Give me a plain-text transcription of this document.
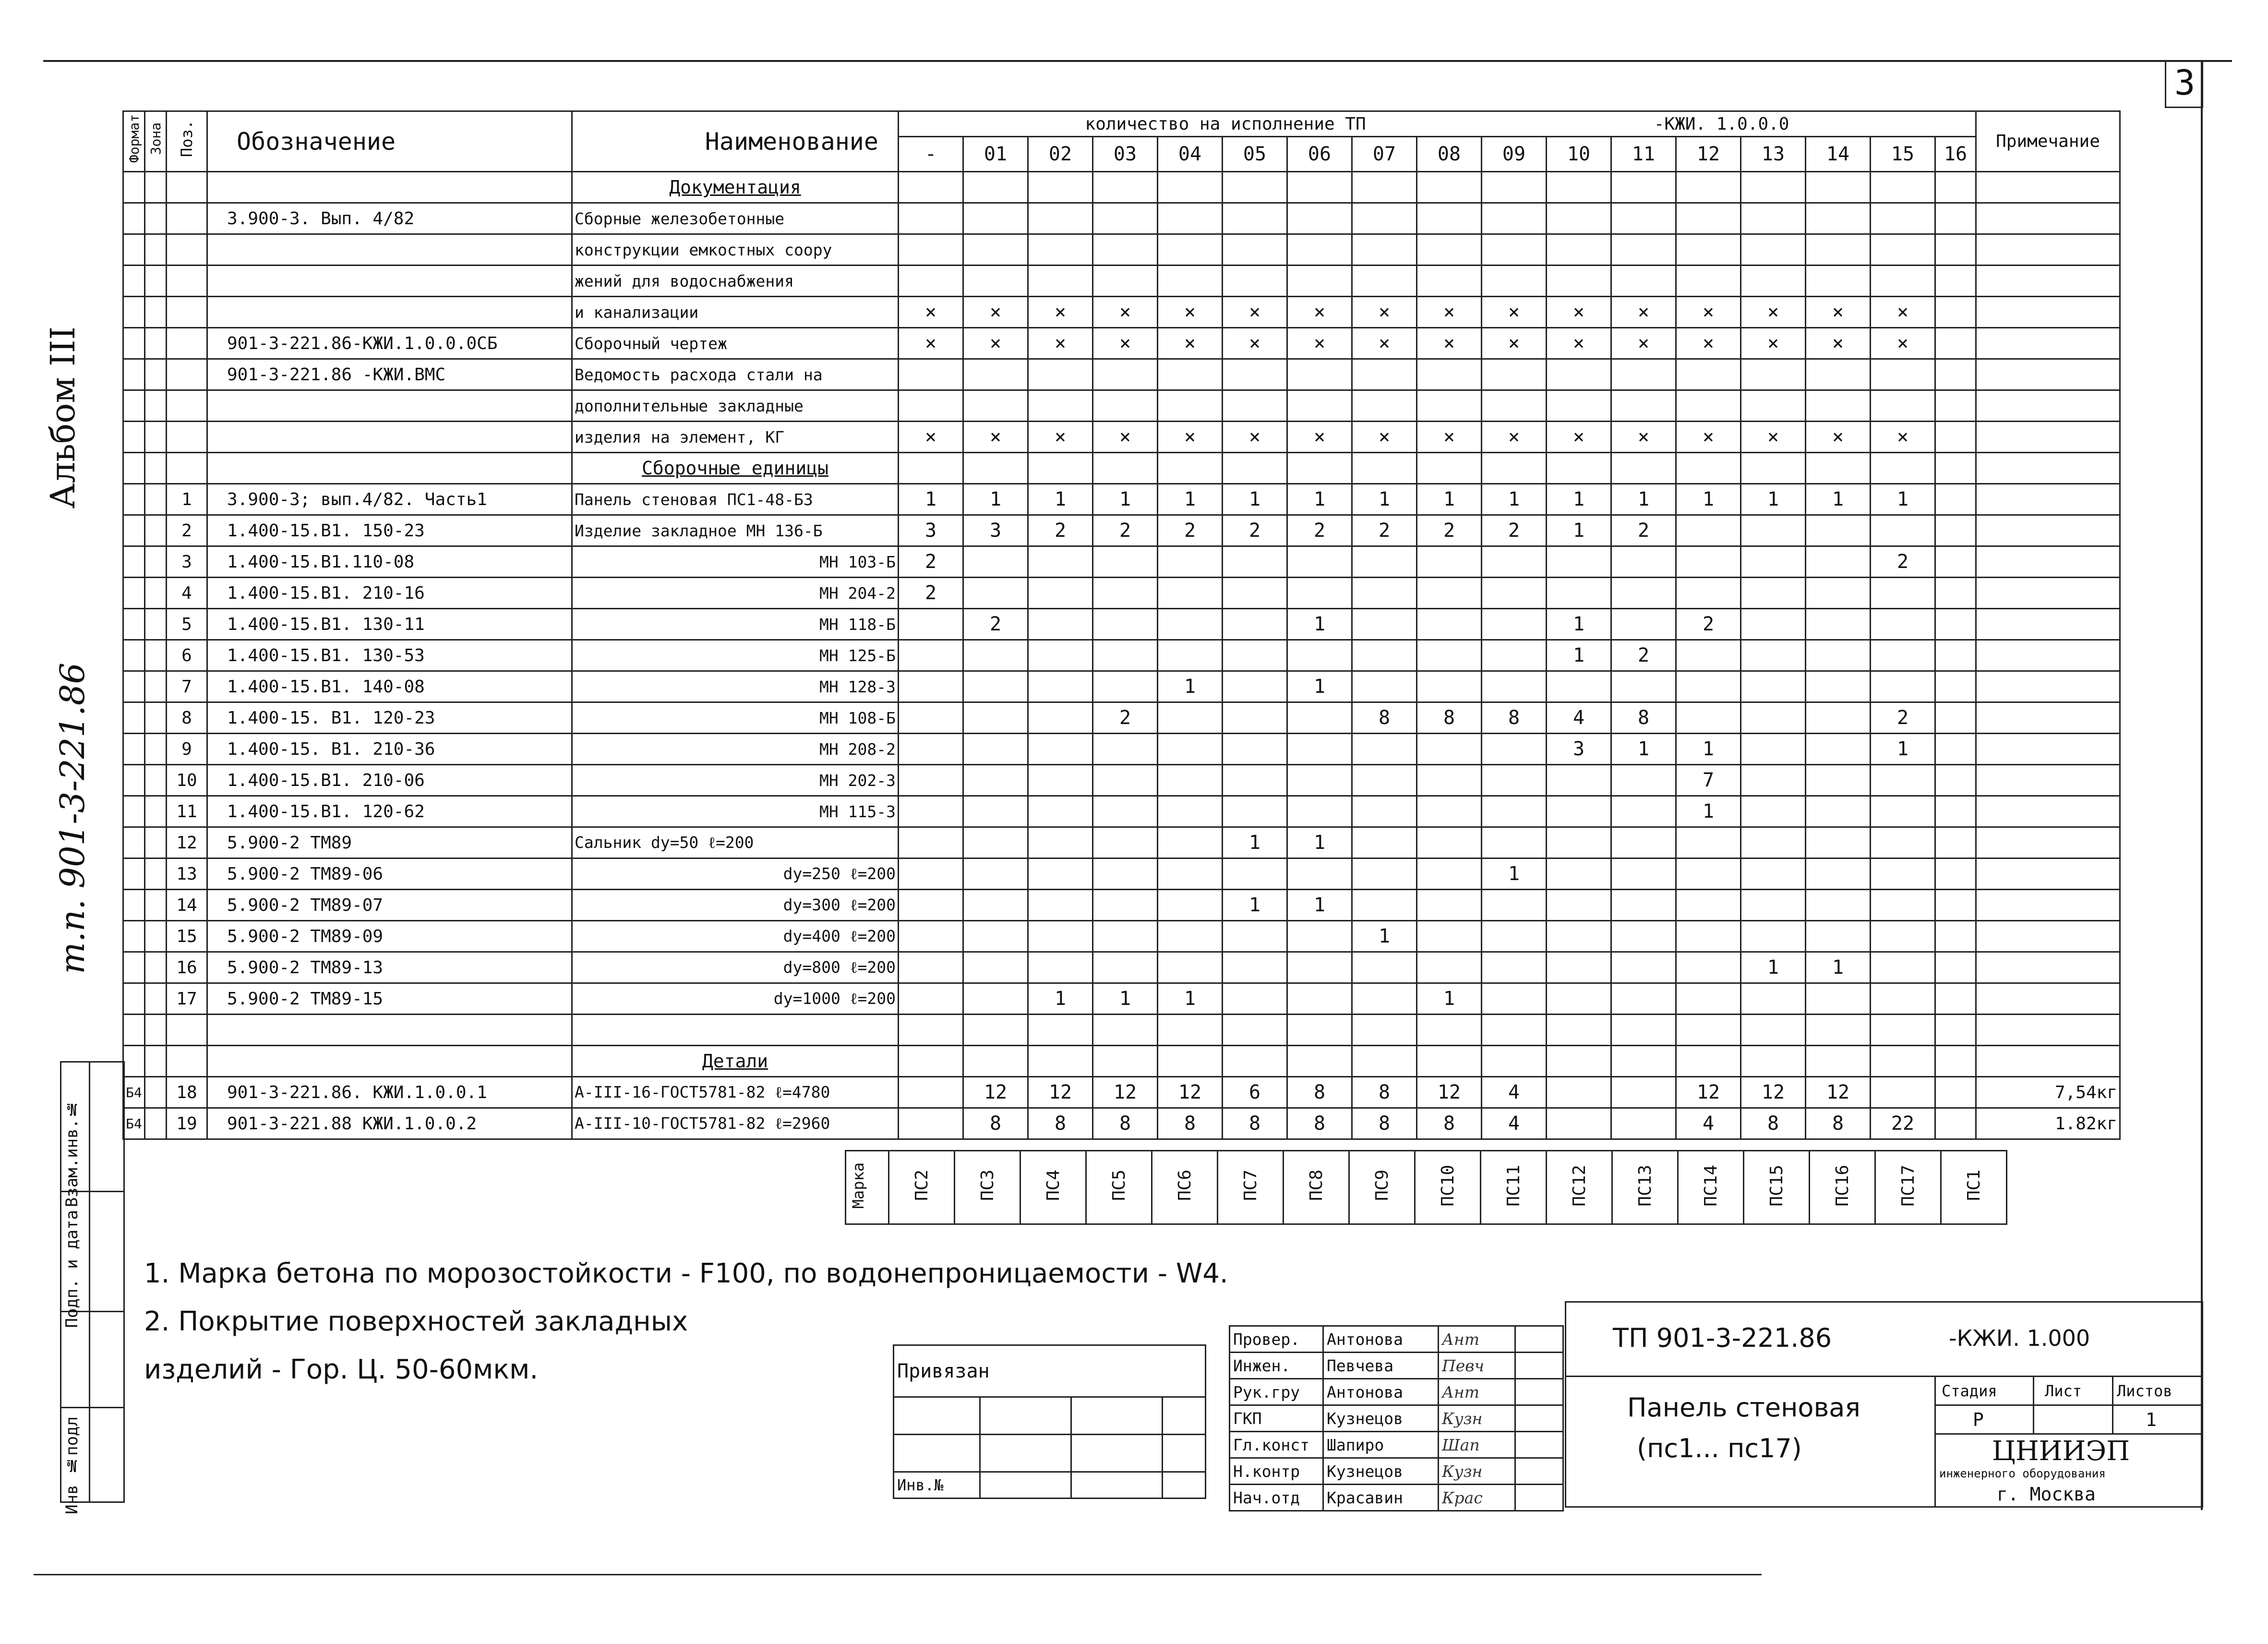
3
Альбом III
т.п. 901-3-221.86
Взам.инв.№
Подп. и дата
Инв №подл
Формат	Зона	Поз.	Обозначение	Наименование	количество на исполнение ТП -КЖИ. 1.0.0.0																	Примечание
					-	01	02	03	04	05	06	07	08	09	10	11	12	13	14	15	16	
				Документация																		
			3.900-3. Вып. 4/82	Сборные железобетонные																		
				конструкции емкостных соору																		
				жений для водоснабжения																		
				и канализации	×	×	×	×	×	×	×	×	×	×	×	×	×	×	×	×		
			901-3-221.86-КЖИ.1.0.0.0СБ	Сборочный чертеж	×	×	×	×	×	×	×	×	×	×	×	×	×	×	×	×		
			901-3-221.86 -КЖИ.ВМС	Ведомость расхода стали на																		
				дополнительные закладные																		
				изделия на элемент, КГ	×	×	×	×	×	×	×	×	×	×	×	×	×	×	×	×		
				Сборочные единицы																		
		1	3.900-3; вып.4/82. Часть1	Панель стеновая ПС1-48-Б3	1	1	1	1	1	1	1	1	1	1	1	1	1	1	1	1		
		2	1.400-15.В1. 150-23	Изделие закладное МН 136-Б	3	3	2	2	2	2	2	2	2	2	1	2						
		3	1.400-15.В1.110-08	МН 103-Б	2															2		
		4	1.400-15.В1. 210-16	МН 204-2	2																	
		5	1.400-15.В1. 130-11	МН 118-Б		2					1				1		2					
		6	1.400-15.В1. 130-53	МН 125-Б											1	2						
		7	1.400-15.В1. 140-08	МН 128-3					1		1											
		8	1.400-15. В1. 120-23	МН 108-Б				2				8	8	8	4	8				2		
		9	1.400-15. В1. 210-36	МН 208-2											3	1	1			1		
		10	1.400-15.В1. 210-06	МН 202-3													7					
		11	1.400-15.В1. 120-62	МН 115-3													1					
		12	5.900-2 ТМ89	Сальник dy=50 ℓ=200						1	1											
		13	5.900-2 ТМ89-06	dy=250 ℓ=200										1								
		14	5.900-2 ТМ89-07	dy=300 ℓ=200						1	1											
		15	5.900-2 ТМ89-09	dy=400 ℓ=200								1										
		16	5.900-2 ТМ89-13	dy=800 ℓ=200														1	1			
		17	5.900-2 ТМ89-15	dy=1000 ℓ=200			1	1	1				1									

				Детали																		
Б4		18	901-3-221.86. КЖИ.1.0.0.1	А-III-16-ГОСТ5781-82 ℓ=4780		12	12	12	12	6	8	8	12	4			12	12	12			7,54кг
Б4		19	901-3-221.88 КЖИ.1.0.0.2	А-III-10-ГОСТ5781-82 ℓ=2960		8	8	8	8	8	8	8	8	4			4	8	8	22		1.82кг
Марка	ПС2	ПС3	ПС4	ПС5	ПС6	ПС7	ПС8	ПС9	ПС10	ПС11	ПС12	ПС13	ПС14	ПС15	ПС16	ПС17	ПС1
1. Марка бетона по морозостойкости - F100, по водонепроницаемости - W4.
2. Покрытие поверхностей закладных
изделий - Гор. Ц. 50-60мкм.	Привязан			

Инв.№			
Провер.	Антонова	Ант	
Инжен.	Певчева	Певч	
Рук.гру	Антонова	Ант	
ГКП	Кузнецов	Кузн	
Гл.конст	Шапиро	Шап	
Н.контр	Кузнецов	Кузн	
Нач.отд	Красавин	Крас	
ТП 901-3-221.86	-КЖИ. 1.000
Панель стеновая
(пс1... пс17)
Стадия	Лист Листов
Р	1
ЦНИИЭП
инженерного оборудования
г. Москва
